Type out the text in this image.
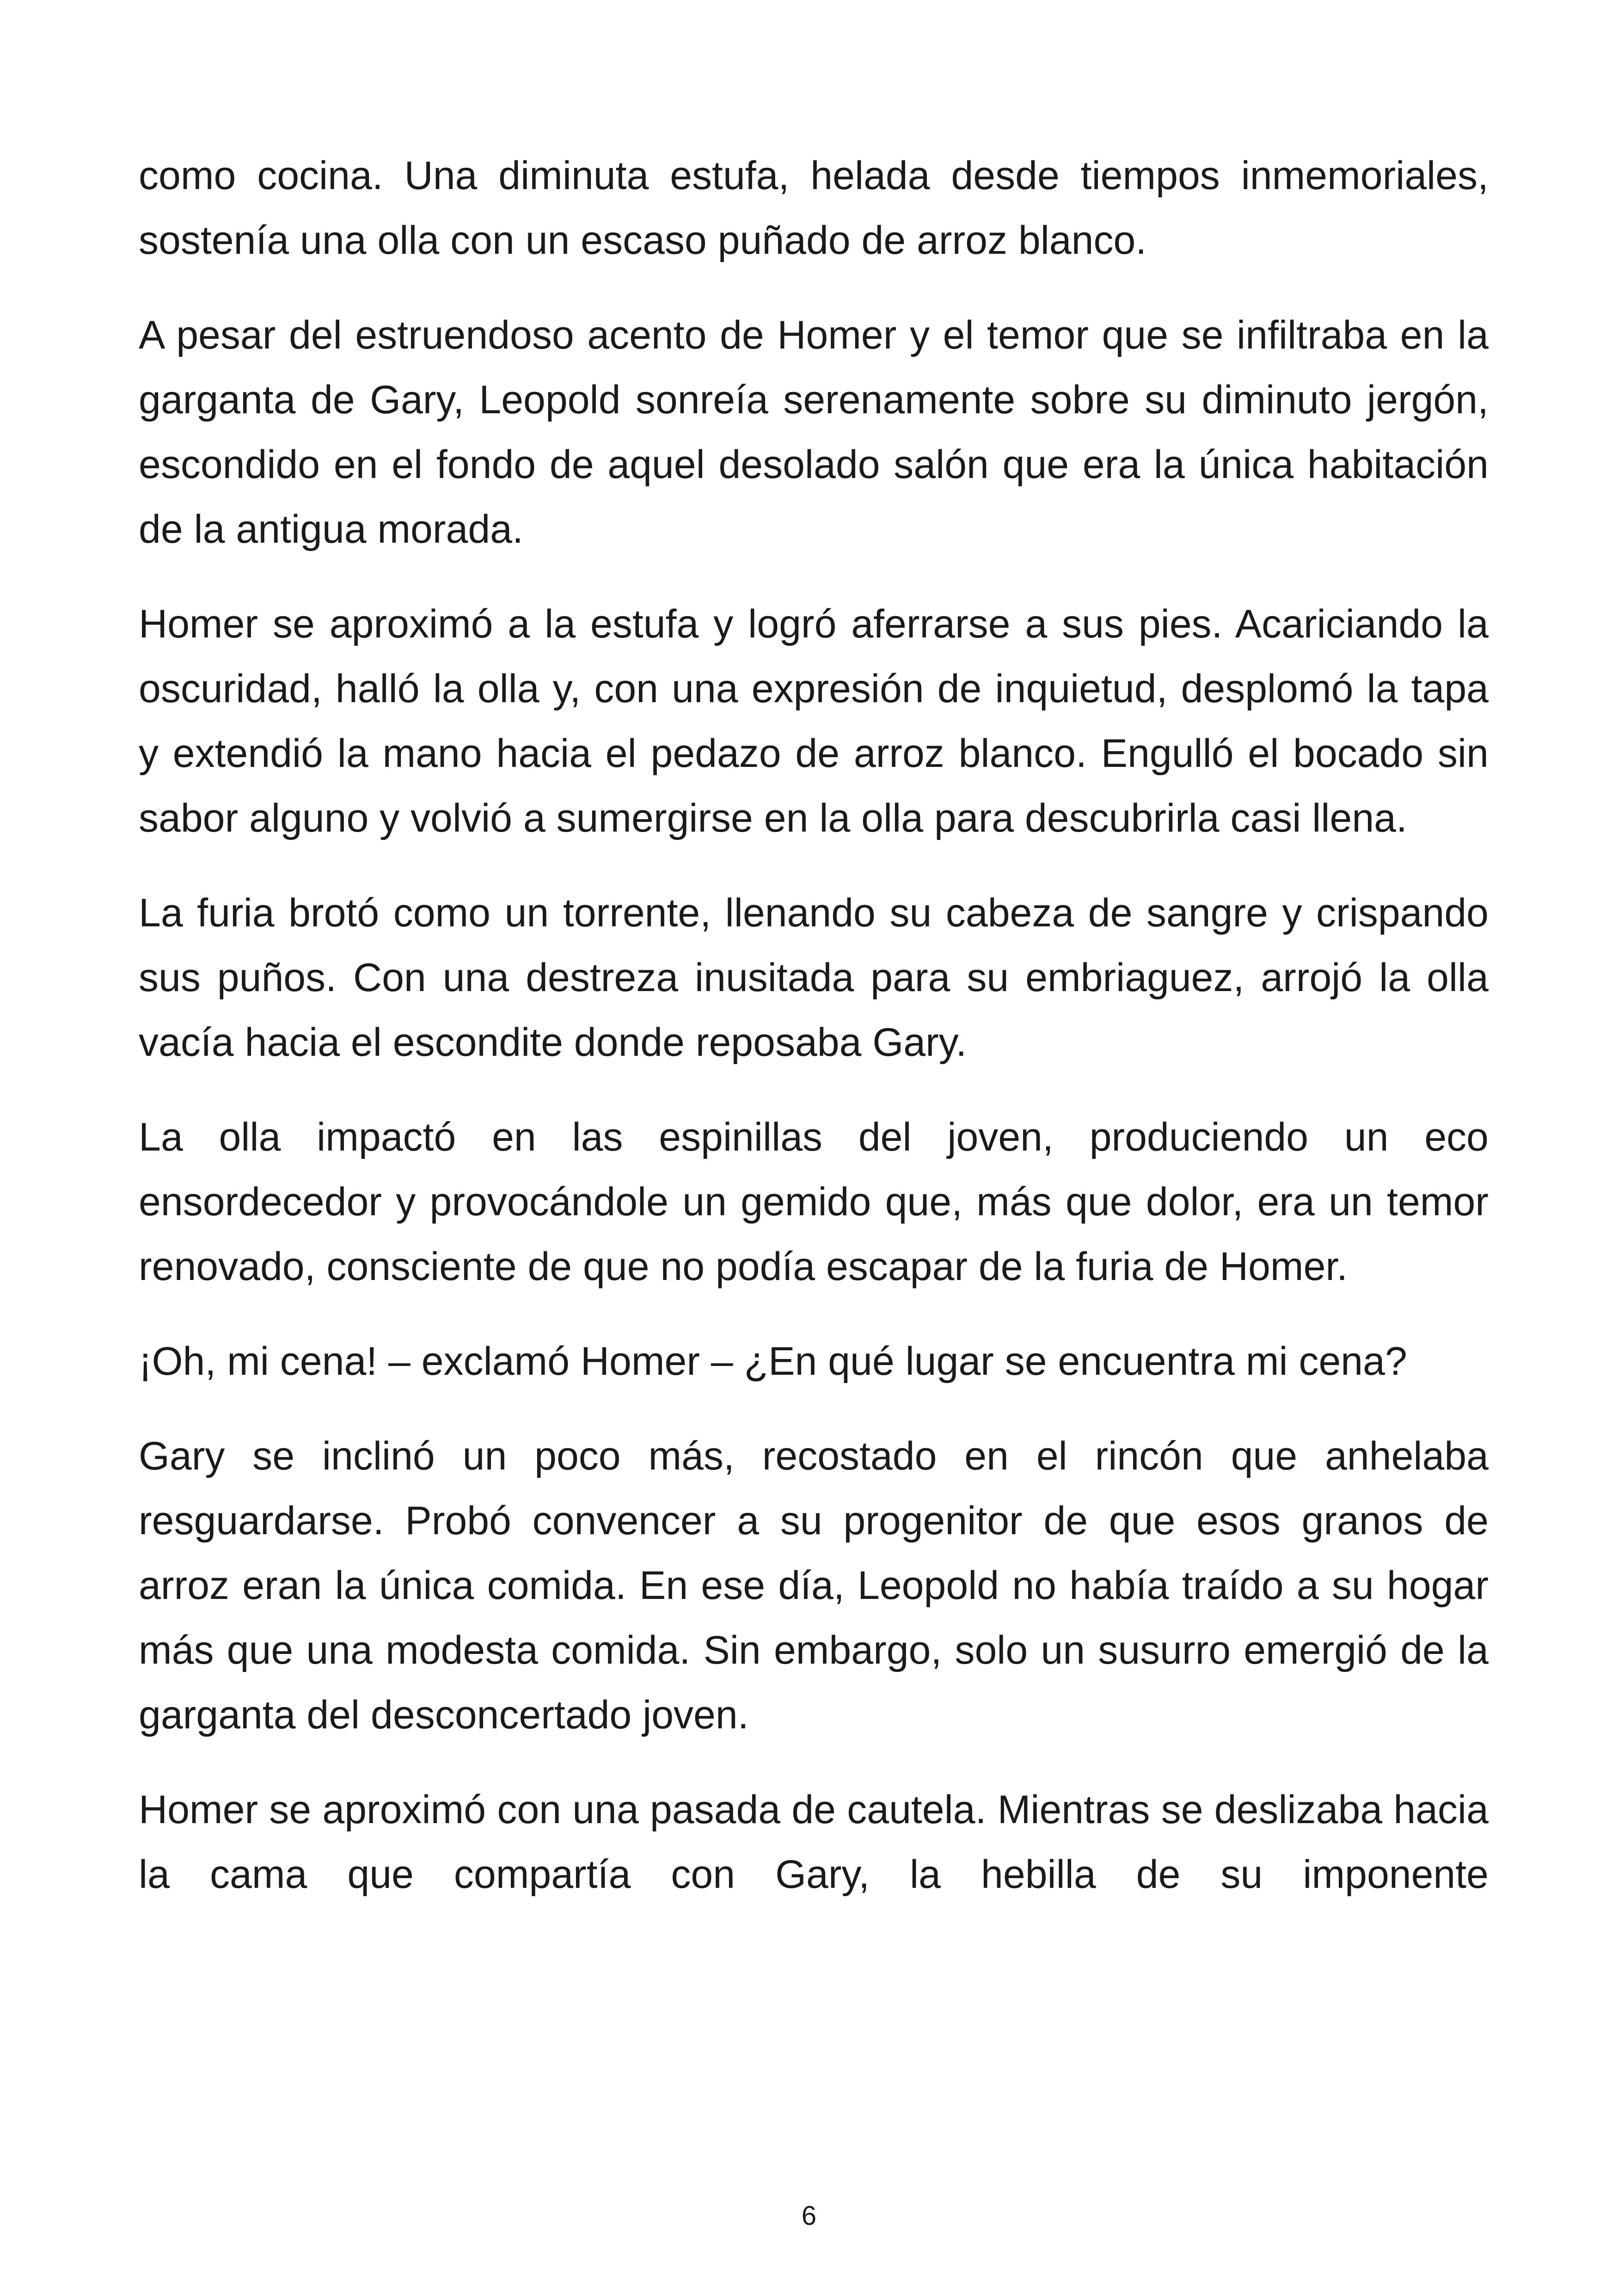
como cocina. Una diminuta estufa, helada desde tiempos inmemoriales, sostenía una olla con un escaso puñado de arroz blanco.

A pesar del estruendoso acento de Homer y el temor que se infiltraba en la garganta de Gary, Leopold sonreía serenamente sobre su diminuto jergón, escondido en el fondo de aquel desolado salón que era la única habitación de la antigua morada.

Homer se aproximó a la estufa y logró aferrarse a sus pies. Acariciando la oscuridad, halló la olla y, con una expresión de inquietud, desplomó la tapa y extendió la mano hacia el pedazo de arroz blanco. Engulló el bocado sin sabor alguno y volvió a sumergirse en la olla para descubrirla casi llena.

La furia brotó como un torrente, llenando su cabeza de sangre y crispando sus puños. Con una destreza inusitada para su embriaguez, arrojó la olla vacía hacia el escondite donde reposaba Gary.

La olla impactó en las espinillas del joven, produciendo un eco ensordecedor y provocándole un gemido que, más que dolor, era un temor renovado, consciente de que no podía escapar de la furia de Homer.

¡Oh, mi cena! – exclamó Homer – ¿En qué lugar se encuentra mi cena?

Gary se inclinó un poco más, recostado en el rincón que anhelaba resguardarse. Probó convencer a su progenitor de que esos granos de arroz eran la única comida. En ese día, Leopold no había traído a su hogar más que una modesta comida. Sin embargo, solo un susurro emergió de la garganta del desconcertado joven.

Homer se aproximó con una pasada de cautela. Mientras se deslizaba hacia la cama que compartía con Gary, la hebilla de su imponente

6
